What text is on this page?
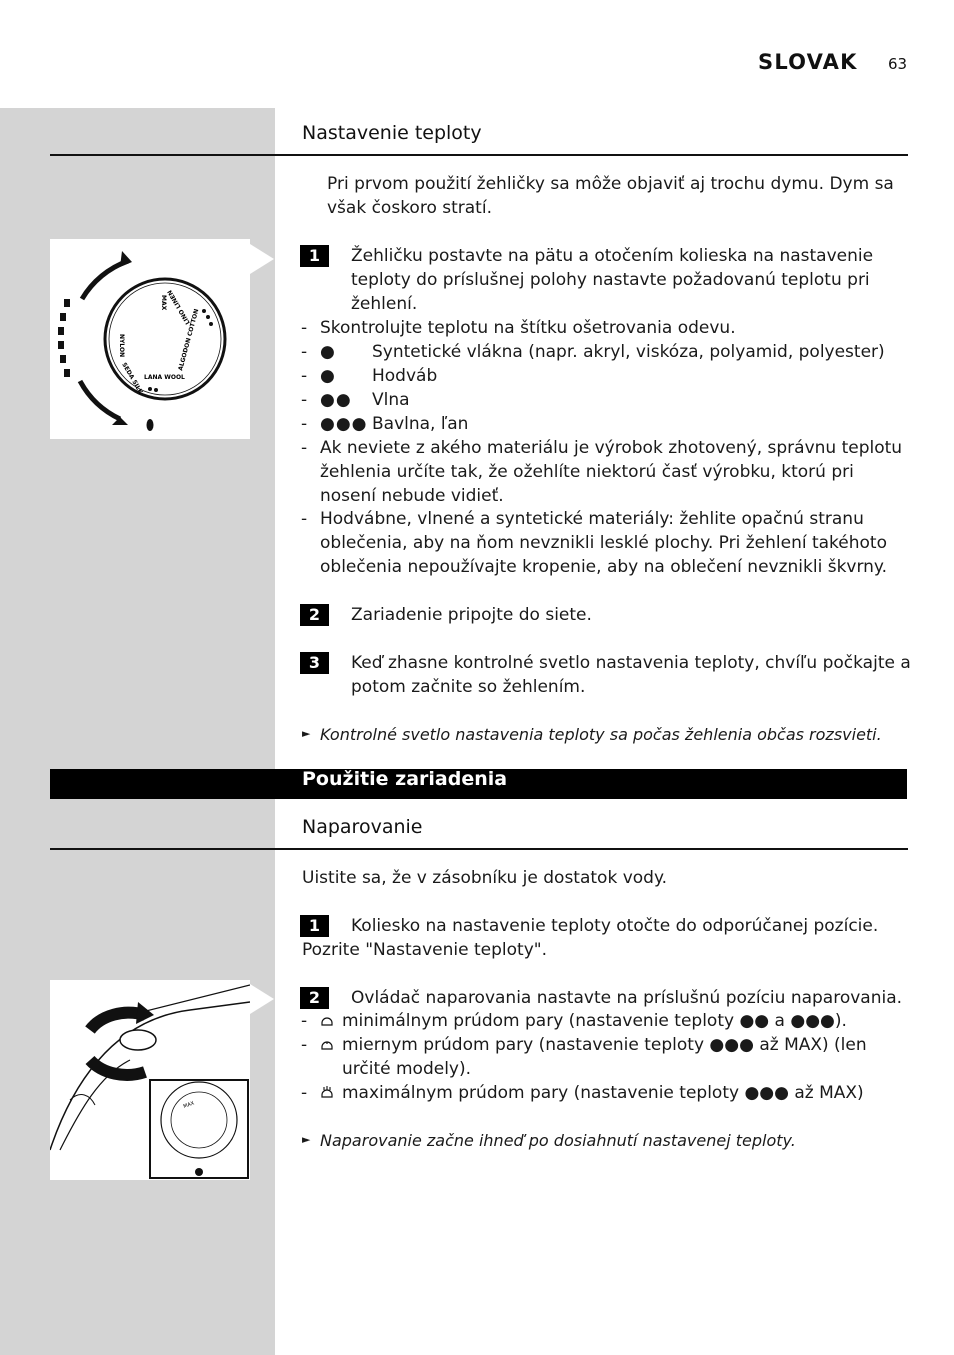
SLOVAK 63
Nastavenie teploty
Pri prvom použití žehličky sa môže objaviť aj trochu dymu. Dym sa však čoskoro stratí.
MAX
NYLON
SEDA SILK LANA WOOL
ALGODON COTTON
LINO LINEN
1	Žehličku postavte na pätu a otočením kolieska na nastavenie teploty do príslušnej polohy nastavte požadovanú teplotu pri žehlení.
- Skontrolujte teplotu na štítku ošetrovania odevu.
- ● Syntetické vlákna (napr. akryl, viskóza, polyamid, polyester)
- ● Hodváb
- ●● Vlna
- ●●● Bavlna, ľan
- Ak neviete z akého materiálu je výrobok zhotovený, správnu teplotu žehlenia určíte tak, že ožehlíte niektorú časť výrobku, ktorú pri nosení nebude vidieť.
- Hodvábne, vlnené a syntetické materiály: žehlite opačnú stranu oblečenia, aby na ňom nevznikli lesklé plochy. Pri žehlení takéhoto oblečenia nepoužívajte kropenie, aby na oblečení nevznikli škvrny.
2	Zariadenie pripojte do siete.
3	Keď zhasne kontrolné svetlo nastavenia teploty, chvíľu počkajte a potom začnite so žehlením.
► Kontrolné svetlo nastavenia teploty sa počas žehlenia občas rozsvieti.
Použitie zariadenia
Naparovanie
Uistite sa, že v zásobníku je dostatok vody.
1	Koliesko na nastavenie teploty otočte do odporúčanej pozície.
Pozrite "Nastavenie teploty".
MAX
2	Ovládač naparovania nastavte na príslušnú pozíciu naparovania.
- minimálnym prúdom pary (nastavenie teploty ●● a ●●●).
- miernym prúdom pary (nastavenie teploty ●●● až MAX) (len určité modely).
- maximálnym prúdom pary (nastavenie teploty ●●● až MAX)
► Naparovanie začne ihneď po dosiahnutí nastavenej teploty.
